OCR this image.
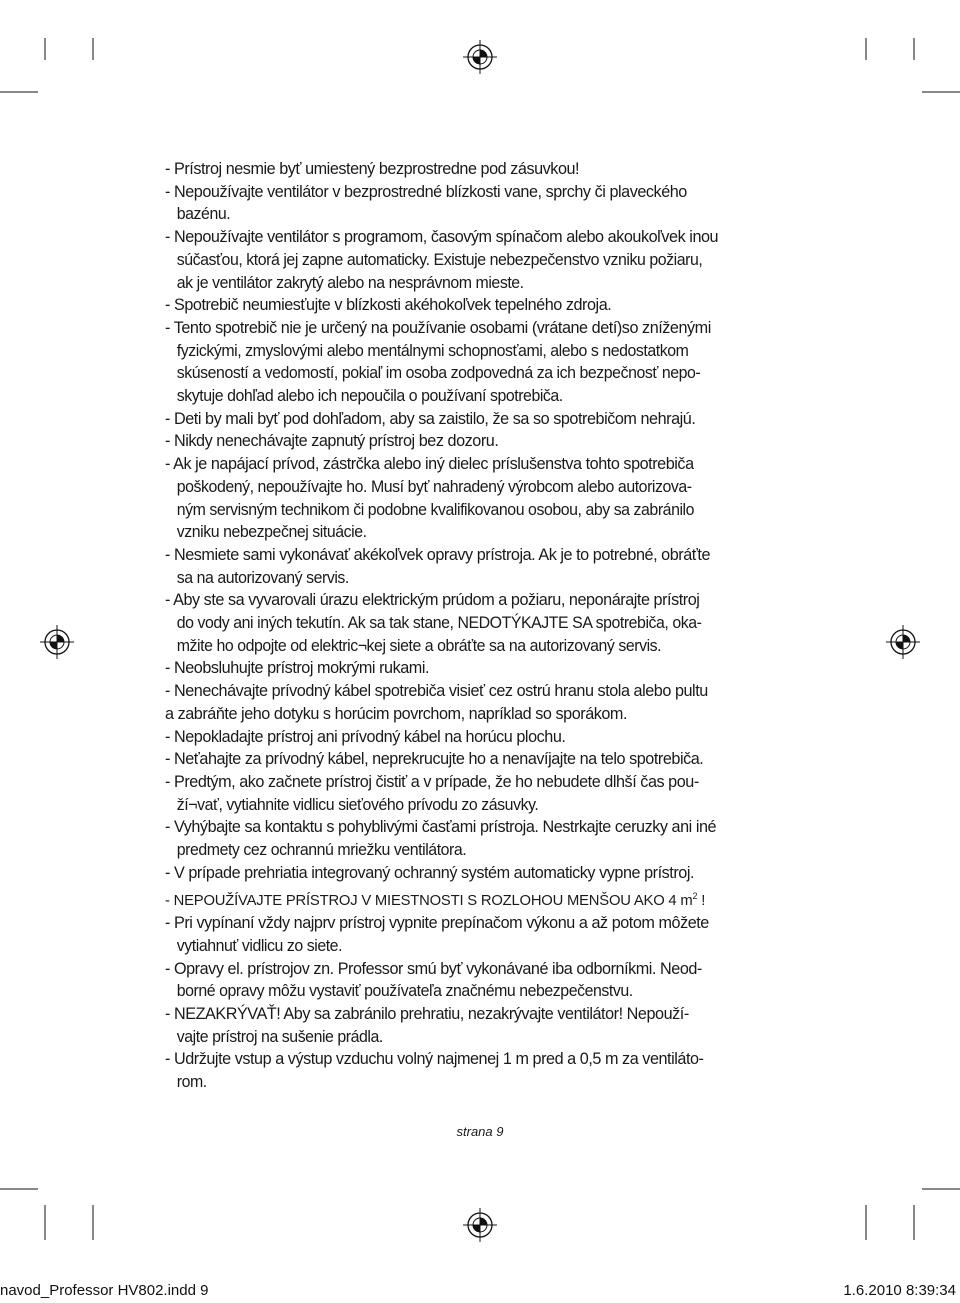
- Prístroj nesmie byť umiestený bezprostredne pod zásuvkou!
- Nepoužívajte ventilátor v bezprostredné blízkosti vane, sprchy či plaveckého
bazénu.
- Nepoužívajte ventilátor s programom, časovým spínačom alebo akoukoľvek inou
súčasťou, ktorá jej zapne automaticky. Existuje nebezpečenstvo vzniku požiaru,
ak je ventilátor zakrytý alebo na nesprávnom mieste.
- Spotrebič neumiesťujte v blízkosti akéhokoľvek tepelného zdroja.
- Tento spotrebič nie je určený na používanie osobami (vrátane detí)so zníženými
fyzickými, zmyslovými alebo mentálnymi schopnosťami, alebo s nedostatkom
skúseností a vedomostí, pokiaľ im osoba zodpovedná za ich bezpečnosť nepo-
skytuje dohľad alebo ich nepoučila o používaní spotrebiča.
- Deti by mali byť pod dohľadom, aby sa zaistilo, že sa so spotrebičom nehrajú.
- Nikdy nenechávajte zapnutý prístroj bez dozoru.
- Ak je napájací prívod, zástrčka alebo iný dielec príslušenstva tohto spotrebiča
poškodený, nepoužívajte ho. Musí byť nahradený výrobcom alebo autorizova-
ným servisným technikom či podobne kvalifikovanou osobou, aby sa zabránilo
vzniku nebezpečnej situácie.
- Nesmiete sami vykonávať akékoľvek opravy prístroja. Ak je to potrebné, obráťte
sa na autorizovaný servis.
- Aby ste sa vyvarovali úrazu elektrickým prúdom a požiaru, neponárajte prístroj
do vody ani iných tekutín. Ak sa tak stane, NEDOTÝKAJTE SA spotrebiča, oka-
mžite ho odpojte od elektric¬kej siete a obráťte sa na autorizovaný servis.
- Neobsluhujte prístroj mokrými rukami.
- Nenechávajte prívodný kábel spotrebiča visieť cez ostrú hranu stola alebo pultu
a zabráňte jeho dotyku s horúcim povrchom, napríklad so sporákom.
- Nepokladajte prístroj ani prívodný kábel na horúcu plochu.
- Neťahajte za prívodný kábel, neprekrucujte ho a nenavíjajte na telo spotrebiča.
- Predtým, ako začnete prístroj čistiť a v prípade, že ho nebudete dlhší čas pou-
ží¬vať, vytiahnite vidlicu sieťového prívodu zo zásuvky.
- Vyhýbajte sa kontaktu s pohyblivými časťami prístroja. Nestrkajte ceruzky ani iné
predmety cez ochrannú mriežku ventilátora.
- V prípade prehriatia integrovaný ochranný systém automaticky vypne prístroj.
- NEPOUŽÍVAJTE PRÍSTROJ V MIESTNOSTI S ROZLOHOU MENŠOU AKO 4 $m^2$ !
- Pri vypínaní vždy najprv prístroj vypnite prepínačom výkonu a až potom môžete
vytiahnuť vidlicu zo siete.
- Opravy el. prístrojov zn. Professor smú byť vykonávané iba odborníkmi. Neod-
borné opravy môžu vystaviť používateľa značnému nebezpečenstvu.
- NEZAKRÝVAŤ! Aby sa zabránilo prehratiu, nezakrývajte ventilátor! Nepouží-
vajte prístroj na sušenie prádla.
- Udržujte vstup a výstup vzduchu volný najmenej 1 m pred a 0,5 m za ventiláto-
rom.
strana 9
navod_Professor HV802.indd 9	1.6.2010 8:39:34
